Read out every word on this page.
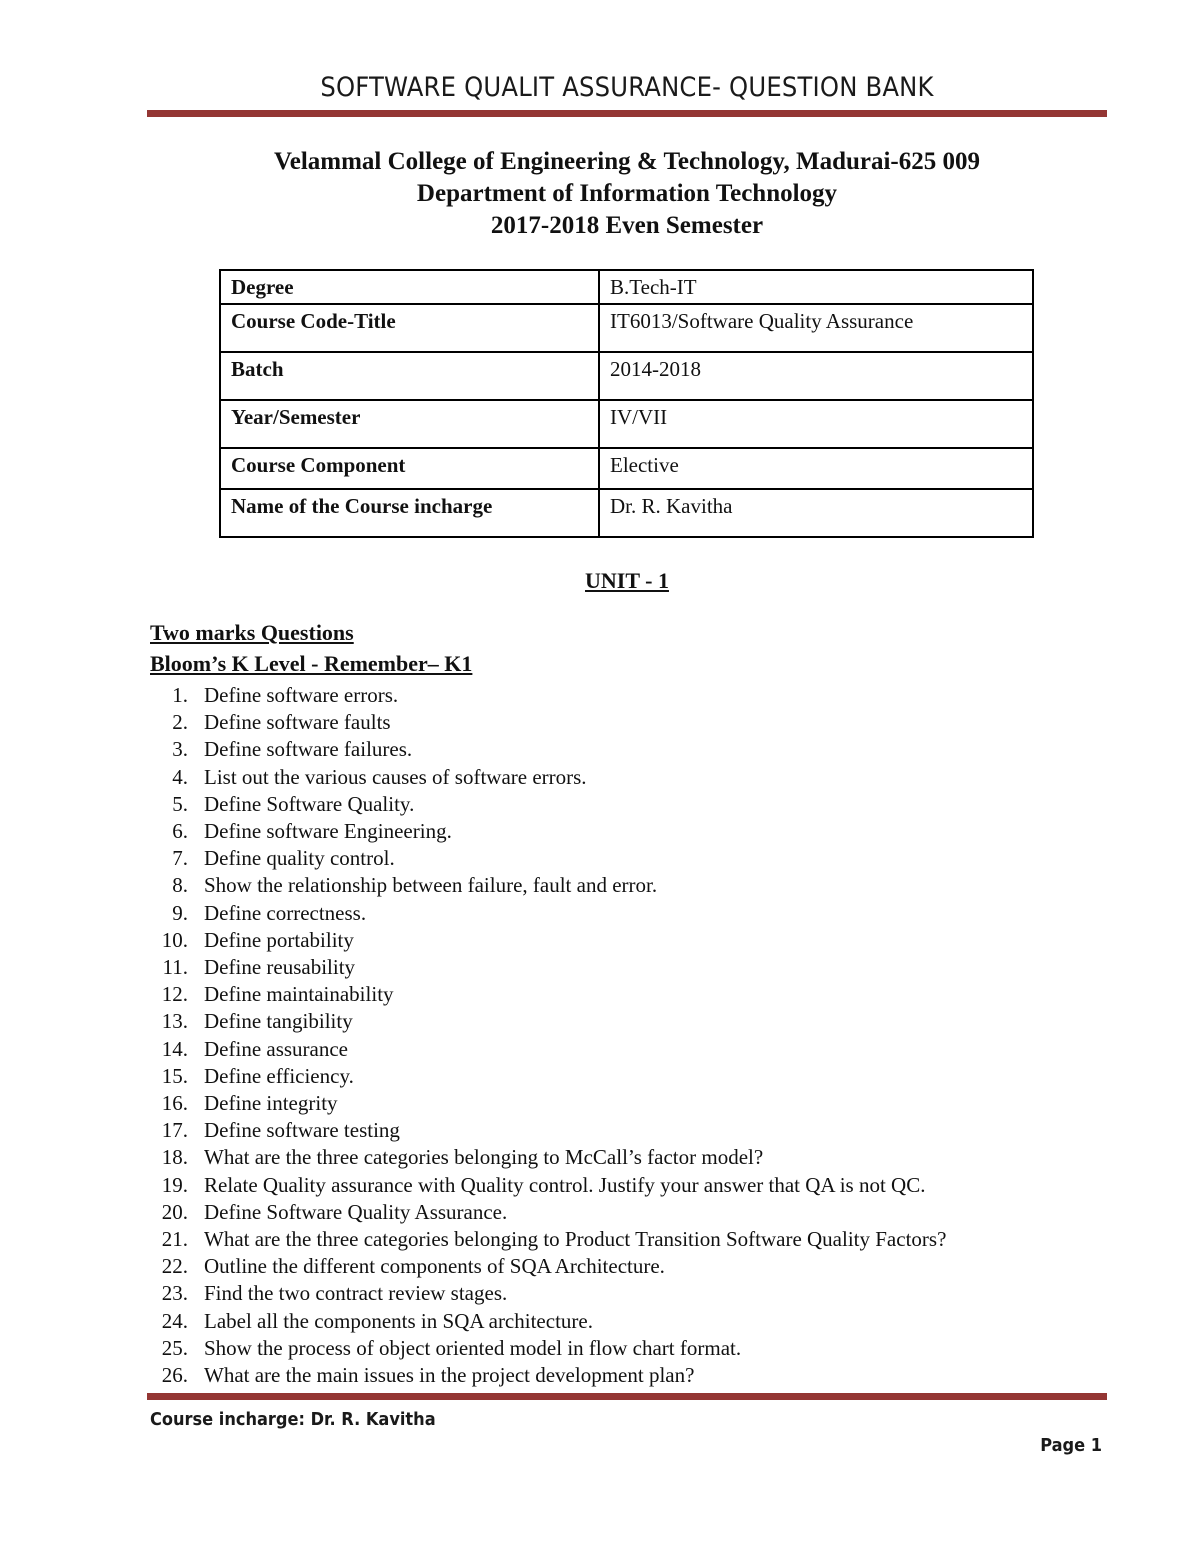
SOFTWARE QUALIT ASSURANCE- QUESTION BANK
Velammal College of Engineering & Technology, Madurai-625 009
Department of Information Technology
2017-2018 Even Semester
Degree	B.Tech-IT
Course Code-Title	IT6013/Software Quality Assurance
Batch	2014-2018
Year/Semester	IV/VII
Course Component	Elective
Name of the Course incharge	Dr. R. Kavitha
UNIT - 1
Two marks Questions
Bloom’s K Level - Remember– K1
1. Define software errors.
2. Define software faults
3. Define software failures.
4. List out the various causes of software errors.
5. Define Software Quality.
6. Define software Engineering.
7. Define quality control.
8. Show the relationship between failure, fault and error.
9. Define correctness.
10. Define portability
11. Define reusability
12. Define maintainability
13. Define tangibility
14. Define assurance
15. Define efficiency.
16. Define integrity
17. Define software testing
18. What are the three categories belonging to McCall’s factor model?
19. Relate Quality assurance with Quality control. Justify your answer that QA is not QC.
20. Define Software Quality Assurance.
21. What are the three categories belonging to Product Transition Software Quality Factors?
22. Outline the different components of SQA Architecture.
23. Find the two contract review stages.
24. Label all the components in SQA architecture.
25. Show the process of object oriented model in flow chart format.
26. What are the main issues in the project development plan?
Course incharge: Dr. R. Kavitha
Page 1
